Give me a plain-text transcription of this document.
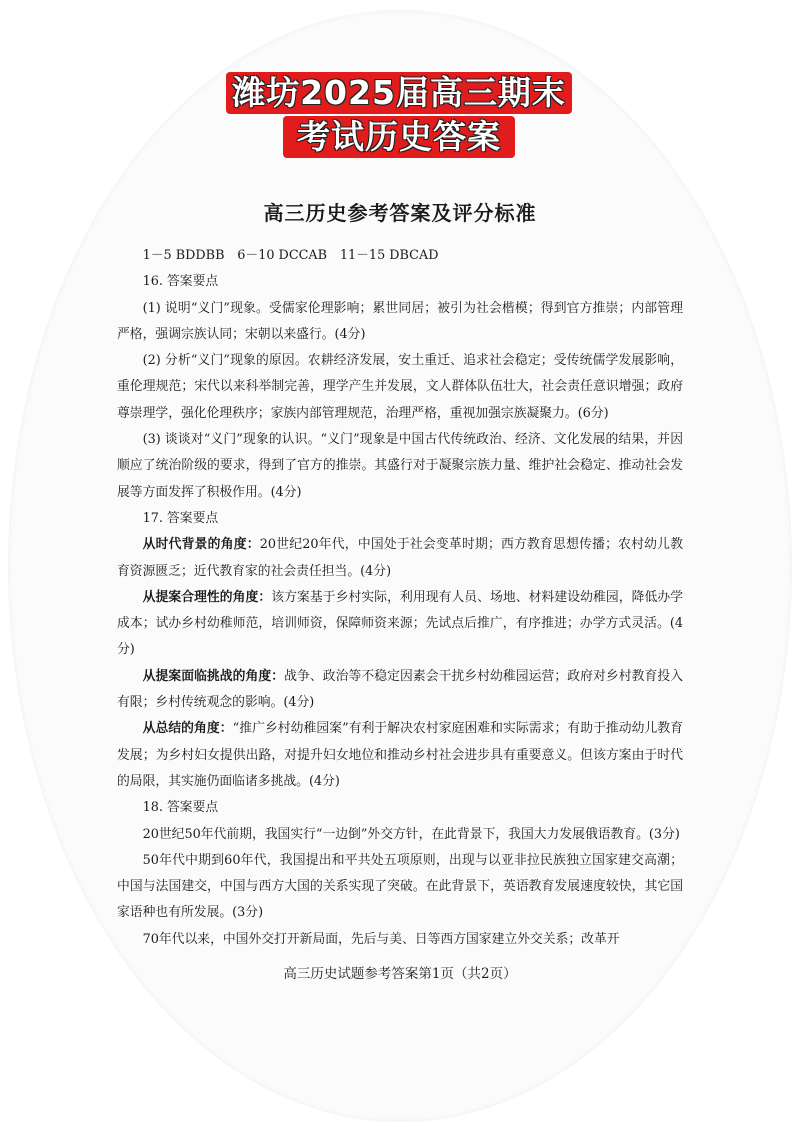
潍坊2025届高三期末
考试历史答案
高三历史参考答案及评分标准

1－5 BDDBB　6－10 DCCAB　11－15 DBCAD

16. 答案要点

(1) 说明“义门”现象。受儒家伦理影响；累世同居；被引为社会楷模；得到官方推崇；内部管理严格，强调宗族认同；宋朝以来盛行。(4分)

(2) 分析“义门”现象的原因。农耕经济发展，安土重迁、追求社会稳定；受传统儒学发展影响，重伦理规范；宋代以来科举制完善，理学产生并发展，文人群体队伍壮大，社会责任意识增强；政府尊崇理学，强化伦理秩序；家族内部管理规范，治理严格，重视加强宗族凝聚力。(6分)

(3) 谈谈对“义门”现象的认识。“义门”现象是中国古代传统政治、经济、文化发展的结果，并因顺应了统治阶级的要求，得到了官方的推崇。其盛行对于凝聚宗族力量、维护社会稳定、推动社会发展等方面发挥了积极作用。(4分)

17. 答案要点

从时代背景的角度：20世纪20年代，中国处于社会变革时期；西方教育思想传播；农村幼儿教育资源匮乏；近代教育家的社会责任担当。(4分)

从提案合理性的角度：该方案基于乡村实际，利用现有人员、场地、材料建设幼稚园，降低办学成本；试办乡村幼稚师范，培训师资，保障师资来源；先试点后推广，有序推进；办学方式灵活。(4分)

从提案面临挑战的角度：战争、政治等不稳定因素会干扰乡村幼稚园运营；政府对乡村教育投入有限；乡村传统观念的影响。(4分)

从总结的角度：“推广乡村幼稚园案”有利于解决农村家庭困难和实际需求；有助于推动幼儿教育发展；为乡村妇女提供出路，对提升妇女地位和推动乡村社会进步具有重要意义。但该方案由于时代的局限，其实施仍面临诸多挑战。(4分)

18. 答案要点

20世纪50年代前期，我国实行“一边倒”外交方针，在此背景下，我国大力发展俄语教育。(3分)

50年代中期到60年代，我国提出和平共处五项原则，出现与以亚非拉民族独立国家建交高潮；中国与法国建交，中国与西方大国的关系实现了突破。在此背景下，英语教育发展速度较快，其它国家语种也有所发展。(3分)

70年代以来，中国外交打开新局面，先后与美、日等西方国家建立外交关系；改革开

高三历史试题参考答案第1页（共2页）
